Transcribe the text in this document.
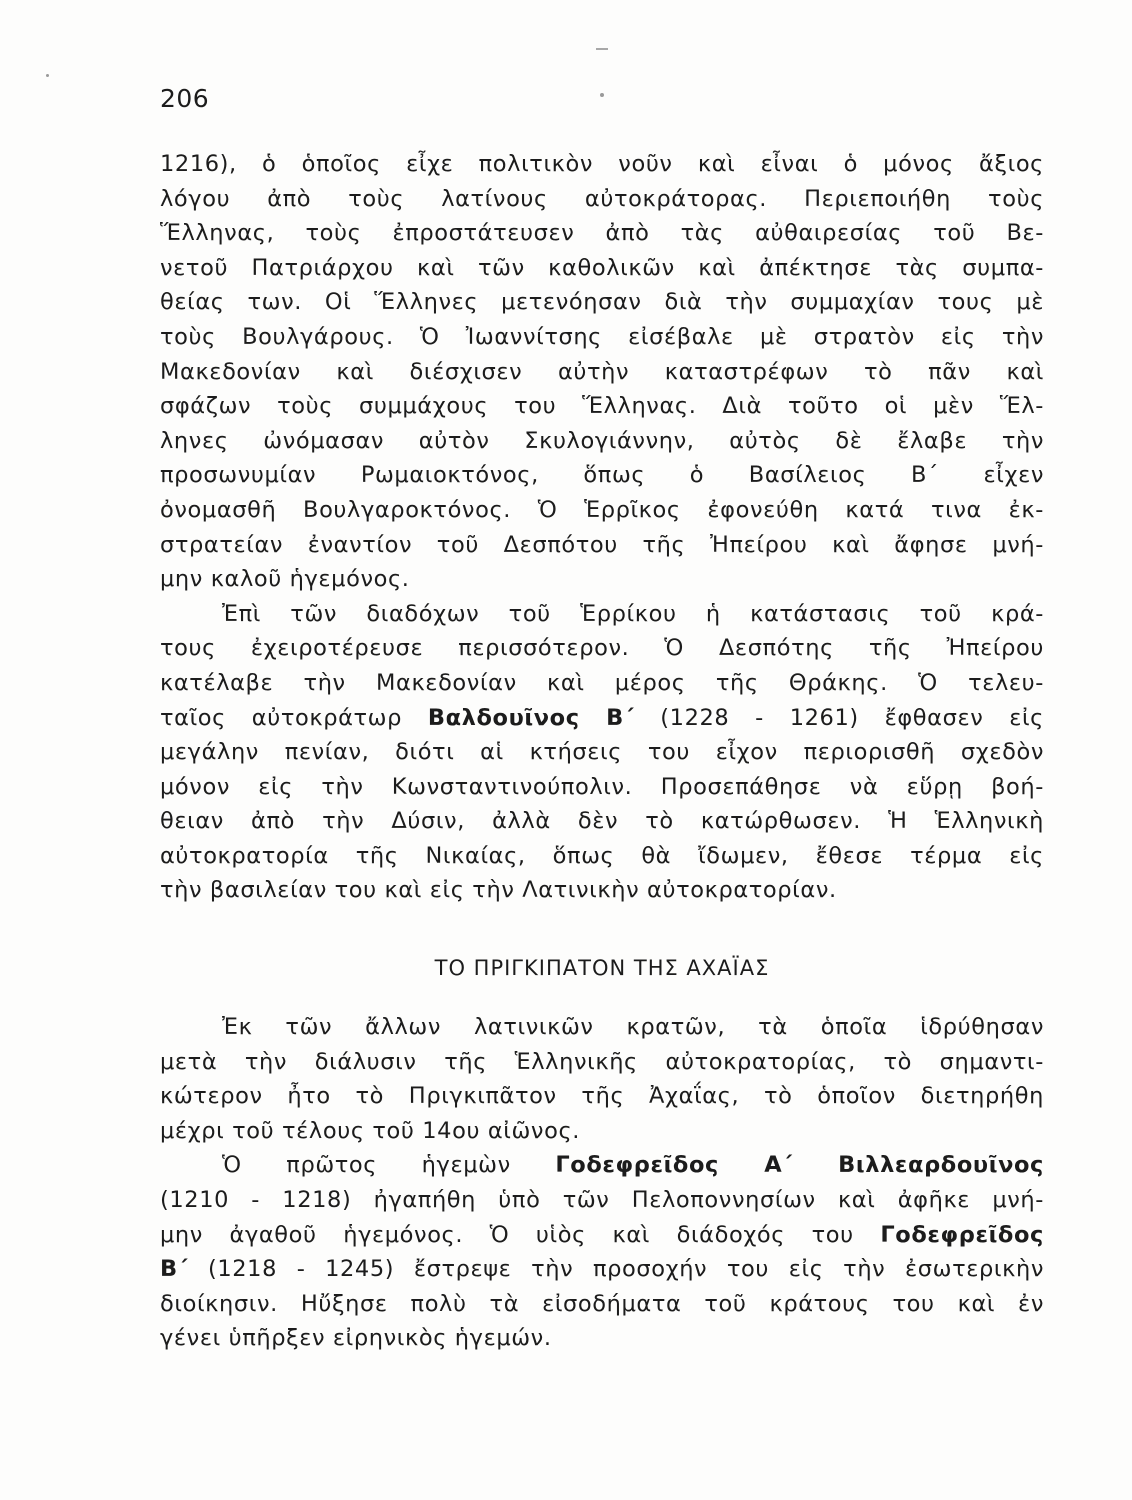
206
1216), ὁ ὁποῖος εἶχε πολιτικὸν νοῦν καὶ εἶναι ὁ μόνος ἄξιος
λόγου ἀπὸ τοὺς λατίνους αὐτοκράτορας. Περιεποιήθη τοὺς
Ἕλληνας, τοὺς ἐπροστάτευσεν ἀπὸ τὰς αὐθαιρεσίας τοῦ Βε-
νετοῦ Πατριάρχου καὶ τῶν καθολικῶν καὶ ἀπέκτησε τὰς συμπα-
θείας των. Οἱ Ἕλληνες μετενόησαν διὰ τὴν συμμαχίαν τους μὲ
τοὺς Βουλγάρους. Ὁ Ἰωαννίτσης εἰσέβαλε μὲ στρατὸν εἰς τὴν
Μακεδονίαν καὶ διέσχισεν αὐτὴν καταστρέφων τὸ πᾶν καὶ
σφάζων τοὺς συμμάχους του Ἕλληνας. Διὰ τοῦτο οἱ μὲν Ἕλ-
ληνες ὠνόμασαν αὐτὸν Σκυλογιάννην, αὐτὸς δὲ ἔλαβε τὴν
προσωνυμίαν Ρωμαιοκτόνος, ὅπως ὁ Βασίλειος Β΄ εἶχεν
ὀνομασθῆ Βουλγαροκτόνος. Ὁ Ἑρρῖκος ἐφονεύθη κατά τινα ἐκ-
στρατείαν ἐναντίον τοῦ Δεσπότου τῆς Ἠπείρου καὶ ἄφησε μνή-
μην καλοῦ ἡγεμόνος.
Ἐπὶ τῶν διαδόχων τοῦ Ἑρρίκου ἡ κατάστασις τοῦ κρά-
τους ἐχειροτέρευσε περισσότερον. Ὁ Δεσπότης τῆς Ἠπείρου
κατέλαβε τὴν Μακεδονίαν καὶ μέρος τῆς Θράκης. Ὁ τελευ-
ταῖος αὐτοκράτωρ Βαλδουῖνος Β΄ (1228 - 1261) ἔφθασεν εἰς
μεγάλην πενίαν, διότι αἱ κτήσεις του εἶχον περιορισθῆ σχεδὸν
μόνον εἰς τὴν Κωνσταντινούπολιν. Προσεπάθησε νὰ εὕρῃ βοή-
θειαν ἀπὸ τὴν Δύσιν, ἀλλὰ δὲν τὸ κατώρθωσεν. Ἡ Ἑλληνικὴ
αὐτοκρατορία τῆς Νικαίας, ὅπως θὰ ἴδωμεν, ἔθεσε τέρμα εἰς
τὴν βασιλείαν του καὶ εἰς τὴν Λατινικὴν αὐτοκρατορίαν.
ΤΟ ΠΡΙΓΚΙΠΑΤΟΝ ΤΗΣ ΑΧΑΪΑΣ
Ἐκ τῶν ἄλλων λατινικῶν κρατῶν, τὰ ὁποῖα ἱδρύθησαν
μετὰ τὴν διάλυσιν τῆς Ἑλληνικῆς αὐτοκρατορίας, τὸ σημαντι-
κώτερον ἦτο τὸ Πριγκιπᾶτον τῆς Ἀχαΐας, τὸ ὁποῖον διετηρήθη
μέχρι τοῦ τέλους τοῦ 14ου αἰῶνος.
Ὁ πρῶτος ἡγεμὼν Γοδεφρεῖδος Α΄ Βιλλεαρδουῖνος
(1210 - 1218) ἠγαπήθη ὑπὸ τῶν Πελοποννησίων καὶ ἀφῆκε μνή-
μην ἀγαθοῦ ἡγεμόνος. Ὁ υἱὸς καὶ διάδοχός του Γοδεφρεῖδος
Β΄ (1218 - 1245) ἔστρεψε τὴν προσοχήν του εἰς τὴν ἐσωτερικὴν
διοίκησιν. Ηὔξησε πολὺ τὰ εἰσοδήματα τοῦ κράτους του καὶ ἐν
γένει ὑπῆρξεν εἰρηνικὸς ἡγεμών.
